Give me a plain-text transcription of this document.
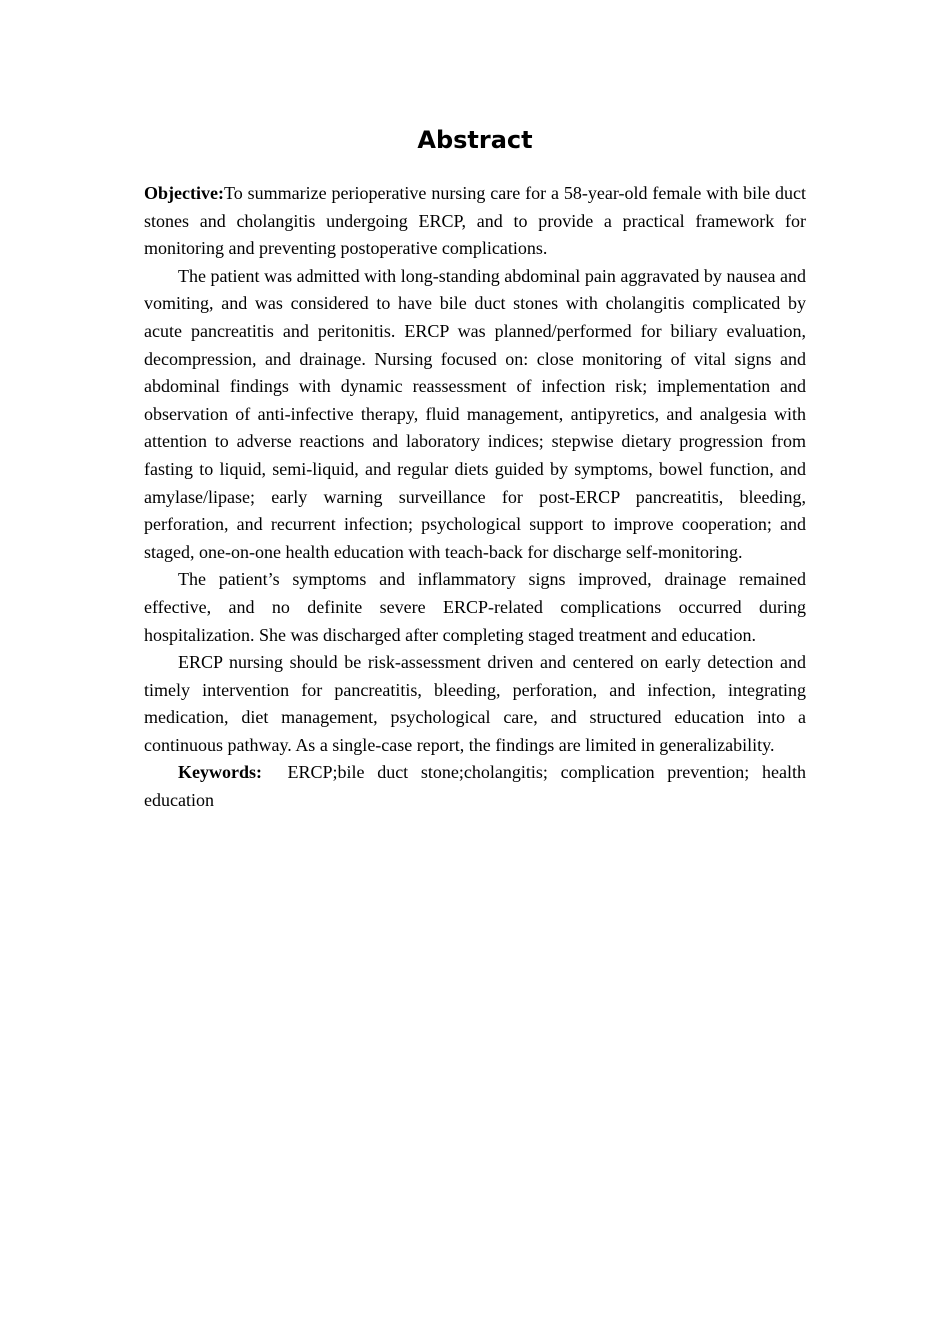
Abstract

Objective:To summarize perioperative nursing care for a 58-year-old female with bile duct stones and cholangitis undergoing ERCP, and to provide a practical framework for monitoring and preventing postoperative complications.

The patient was admitted with long-standing abdominal pain aggravated by nausea and vomiting, and was considered to have bile duct stones with cholangitis complicated by acute pancreatitis and peritonitis. ERCP was planned/performed for biliary evaluation, decompression, and drainage. Nursing focused on: close monitoring of vital signs and abdominal findings with dynamic reassessment of infection risk; implementation and observation of anti-infective therapy, fluid management, antipyretics, and analgesia with attention to adverse reactions and laboratory indices; stepwise dietary progression from fasting to liquid, semi-liquid, and regular diets guided by symptoms, bowel function, and amylase/lipase; early warning surveillance for post-ERCP pancreatitis, bleeding, perforation, and recurrent infection; psychological support to improve cooperation; and staged, one-on-one health education with teach-back for discharge self-monitoring.

The patient’s symptoms and inflammatory signs improved, drainage remained effective, and no definite severe ERCP-related complications occurred during hospitalization. She was discharged after completing staged treatment and education.

ERCP nursing should be risk-assessment driven and centered on early detection and timely intervention for pancreatitis, bleeding, perforation, and infection, integrating medication, diet management, psychological care, and structured education into a continuous pathway. As a single-case report, the findings are limited in generalizability.

Keywords: ERCP;bile duct stone;cholangitis; complication prevention; health education
